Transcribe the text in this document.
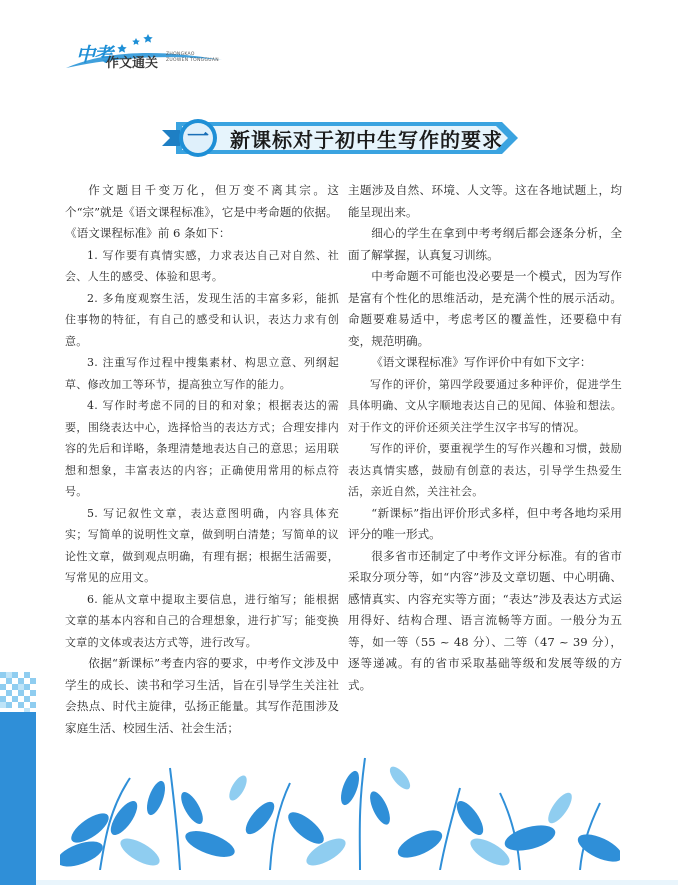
中考
作文通关
ZHONGKAO
ZUOWEN TONGGUAN
一	新课标对于初中生写作的要求

作文题目千变万化，但万变不离其宗。这个“宗”就是《语文课程标准》，它是中考命题的依据。

《语文课程标准》前 6 条如下：

1. 写作要有真情实感，力求表达自己对自然、社会、人生的感受、体验和思考。

2. 多角度观察生活，发现生活的丰富多彩，能抓住事物的特征，有自己的感受和认识，表达力求有创意。

3. 注重写作过程中搜集素材、构思立意、列纲起草、修改加工等环节，提高独立写作的能力。

4. 写作时考虑不同的目的和对象；根据表达的需要，围绕表达中心，选择恰当的表达方式；合理安排内容的先后和详略，条理清楚地表达自己的意思；运用联想和想象，丰富表达的内容；正确使用常用的标点符号。

5. 写记叙性文章，表达意图明确，内容具体充实；写简单的说明性文章，做到明白清楚；写简单的议论性文章，做到观点明确，有理有据；根据生活需要，写常见的应用文。

6. 能从文章中提取主要信息，进行缩写；能根据文章的基本内容和自己的合理想象，进行扩写；能变换文章的文体或表达方式等，进行改写。

依据“新课标”考查内容的要求，中考作文涉及中学生的成长、读书和学习生活，旨在引导学生关注社会热点、时代主旋律，弘扬正能量。其写作范围涉及家庭生活、校园生活、社会生活；

主题涉及自然、环境、人文等。这在各地试题上，均能呈现出来。

细心的学生在拿到中考考纲后都会逐条分析，全面了解掌握，认真复习训练。

中考命题不可能也没必要是一个模式，因为写作是富有个性化的思维活动，是充满个性的展示活动。命题要难易适中，考虑考区的覆盖性，还要稳中有变，规范明确。

《语文课程标准》写作评价中有如下文字：

写作的评价，第四学段要通过多种评价，促进学生具体明确、文从字顺地表达自己的见闻、体验和想法。对于作文的评价还须关注学生汉字书写的情况。

写作的评价，要重视学生的写作兴趣和习惯，鼓励表达真情实感，鼓励有创意的表达，引导学生热爱生活，亲近自然，关注社会。

“新课标”指出评价形式多样，但中考各地均采用评分的唯一形式。

很多省市还制定了中考作文评分标准。有的省市采取分项分等，如“内容”涉及文章切题、中心明确、感情真实、内容充实等方面；“表达”涉及表达方式运用得好、结构合理、语言流畅等方面。一般分为五等，如一等（55 ~ 48 分）、二等（47 ~ 39 分），逐等递减。有的省市采取基础等级和发展等级的方式。
